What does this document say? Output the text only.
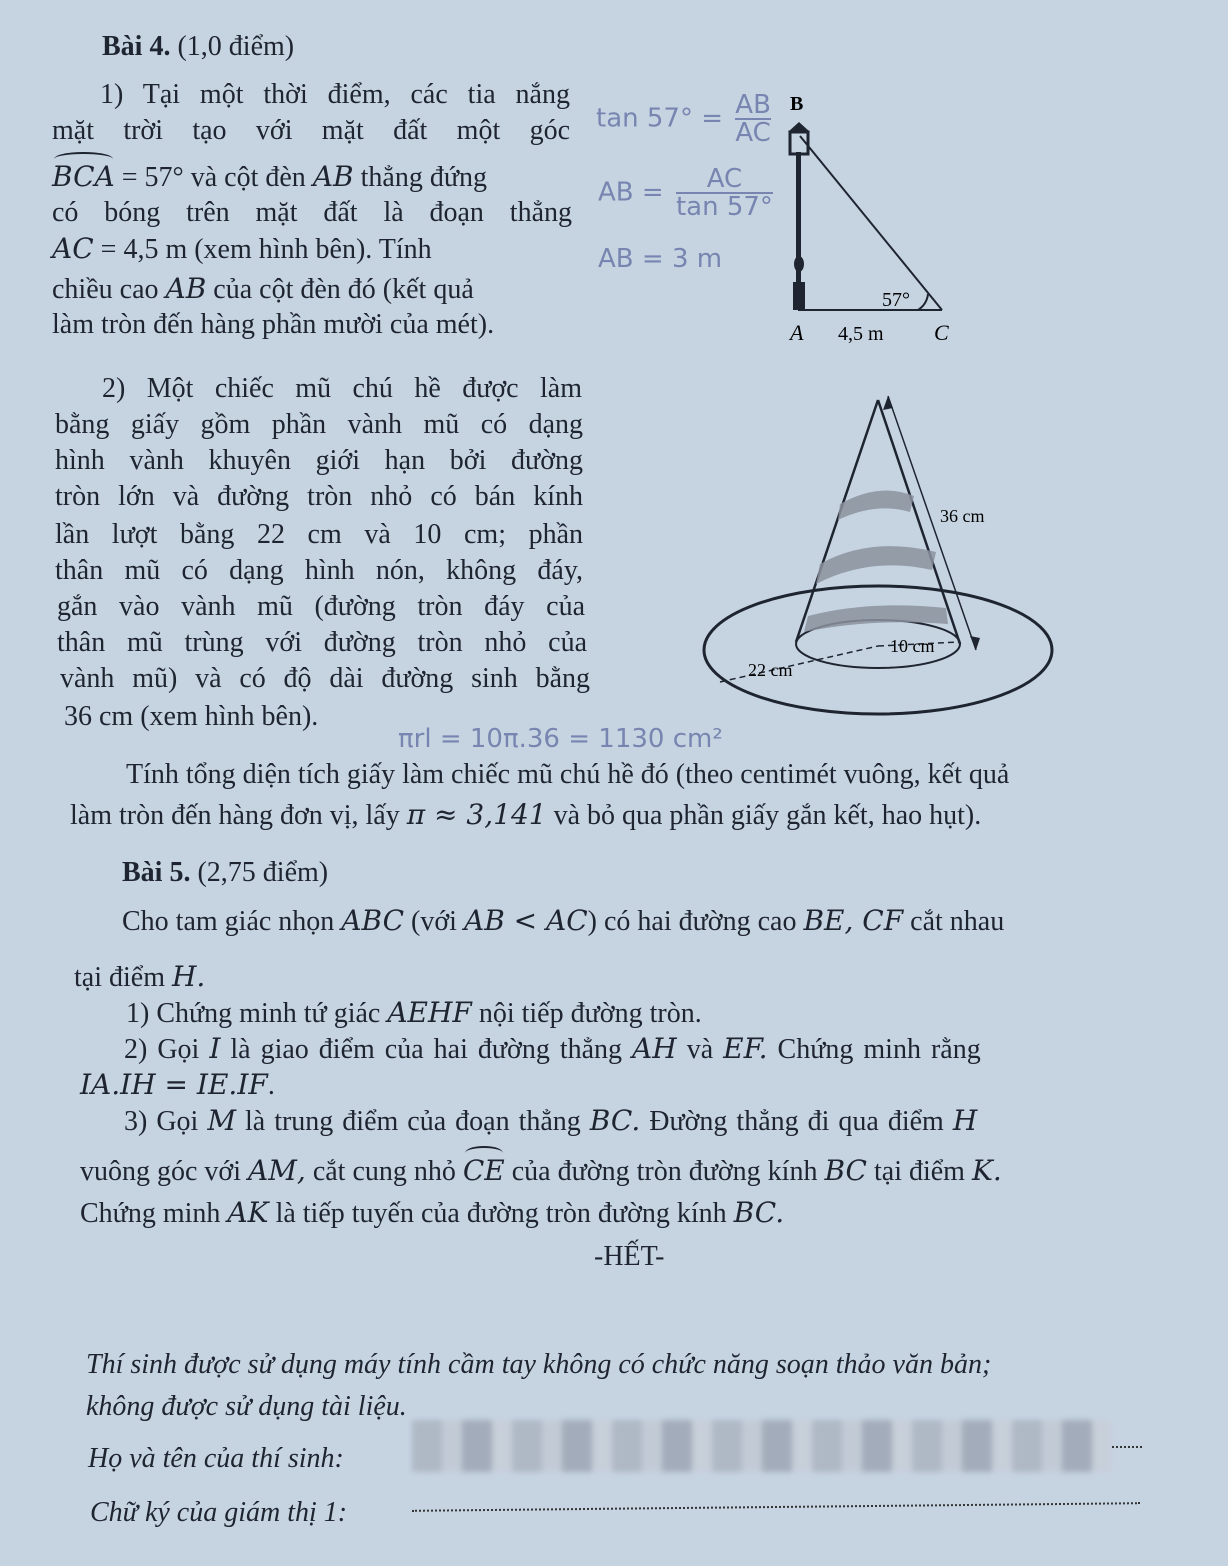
Bài 4. (1,0 điểm)
1) Tại một thời điểm, các tia nắng
mặt trời tạo với mặt đất một góc
BCA = 57° và cột đèn AB thẳng đứng
có bóng trên mặt đất là đoạn thẳng
AC = 4,5 m (xem hình bên). Tính
chiều cao AB của cột đèn đó (kết quả
làm tròn đến hàng phần mười của mét).
$\tan 57^\circ = \frac{AB}{AC}$
AB = $\frac{AC}{\tan 57^\circ}$
AB = 3 m
B
A	C
57°
4,5 m
2) Một chiếc mũ chú hề được làm
bằng giấy gồm phần vành mũ có dạng
hình vành khuyên giới hạn bởi đường
tròn lớn và đường tròn nhỏ có bán kính
lần lượt bằng 22 cm và 10 cm; phần
thân mũ có dạng hình nón, không đáy,
gắn vào vành mũ (đường tròn đáy của
thân mũ trùng với đường tròn nhỏ của
vành mũ) và có độ dài đường sinh bằng
36 cm (xem hình bên).
36 cm
10 cm
22 cm
πrl = 10π.36 = 1130 cm²
Tính tổng diện tích giấy làm chiếc mũ chú hề đó (theo centimét vuông, kết quả
làm tròn đến hàng đơn vị, lấy π ≈ 3,141 và bỏ qua phần giấy gắn kết, hao hụt).
Bài 5. (2,75 điểm)
Cho tam giác nhọn ABC (với AB < AC) có hai đường cao BE, CF cắt nhau
tại điểm H.
1) Chứng minh tứ giác AEHF nội tiếp đường tròn.
2) Gọi I là giao điểm của hai đường thẳng AH và EF. Chứng minh rằng
IA.IH = IE.IF.
3) Gọi M là trung điểm của đoạn thẳng BC. Đường thẳng đi qua điểm H
vuông góc với AM, cắt cung nhỏ CE của đường tròn đường kính BC tại điểm K.
Chứng minh AK là tiếp tuyến của đường tròn đường kính BC.
-HẾT-
Thí sinh được sử dụng máy tính cầm tay không có chức năng soạn thảo văn bản;
không được sử dụng tài liệu.
Họ và tên của thí sinh:
Chữ ký của giám thị 1:
